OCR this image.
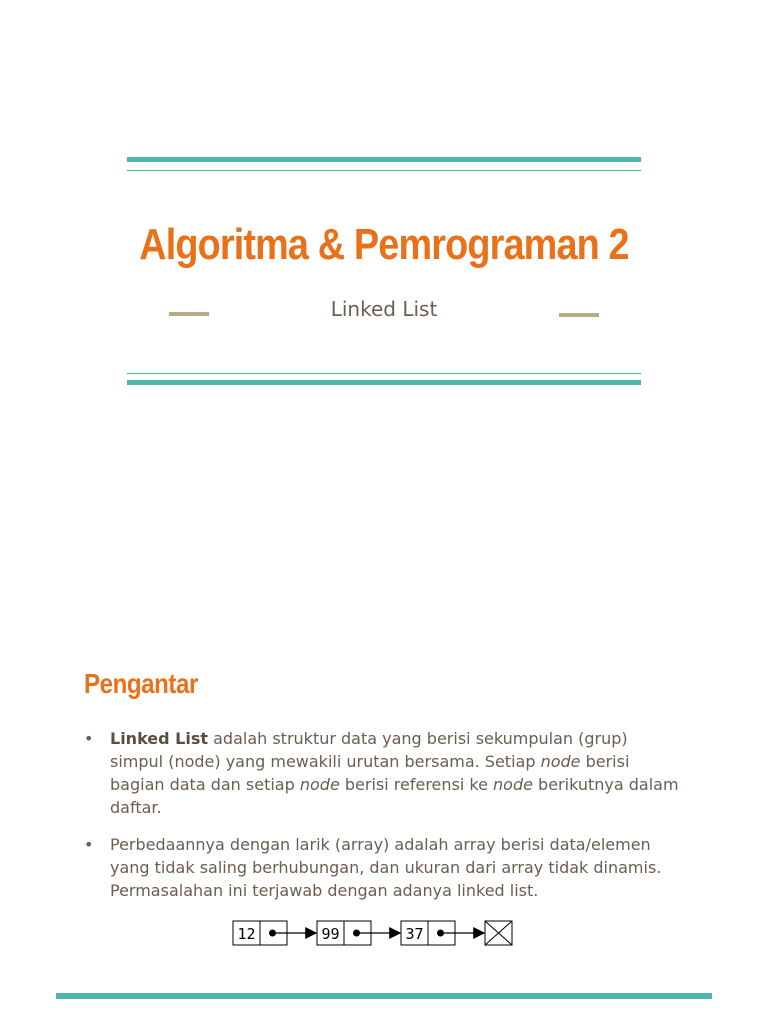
Algoritma & Pemrograman 2
Linked List
Pengantar
• Linked List adalah struktur data yang berisi sekumpulan (grup) simpul (node) yang mewakili urutan bersama. Setiap node berisi bagian data dan setiap node berisi referensi ke node berikutnya dalam daftar.
• Perbedaannya dengan larik (array) adalah array berisi data/elemen yang tidak saling berhubungan, dan ukuran dari array tidak dinamis. Permasalahan ini terjawab dengan adanya linked list.
12	99	37
